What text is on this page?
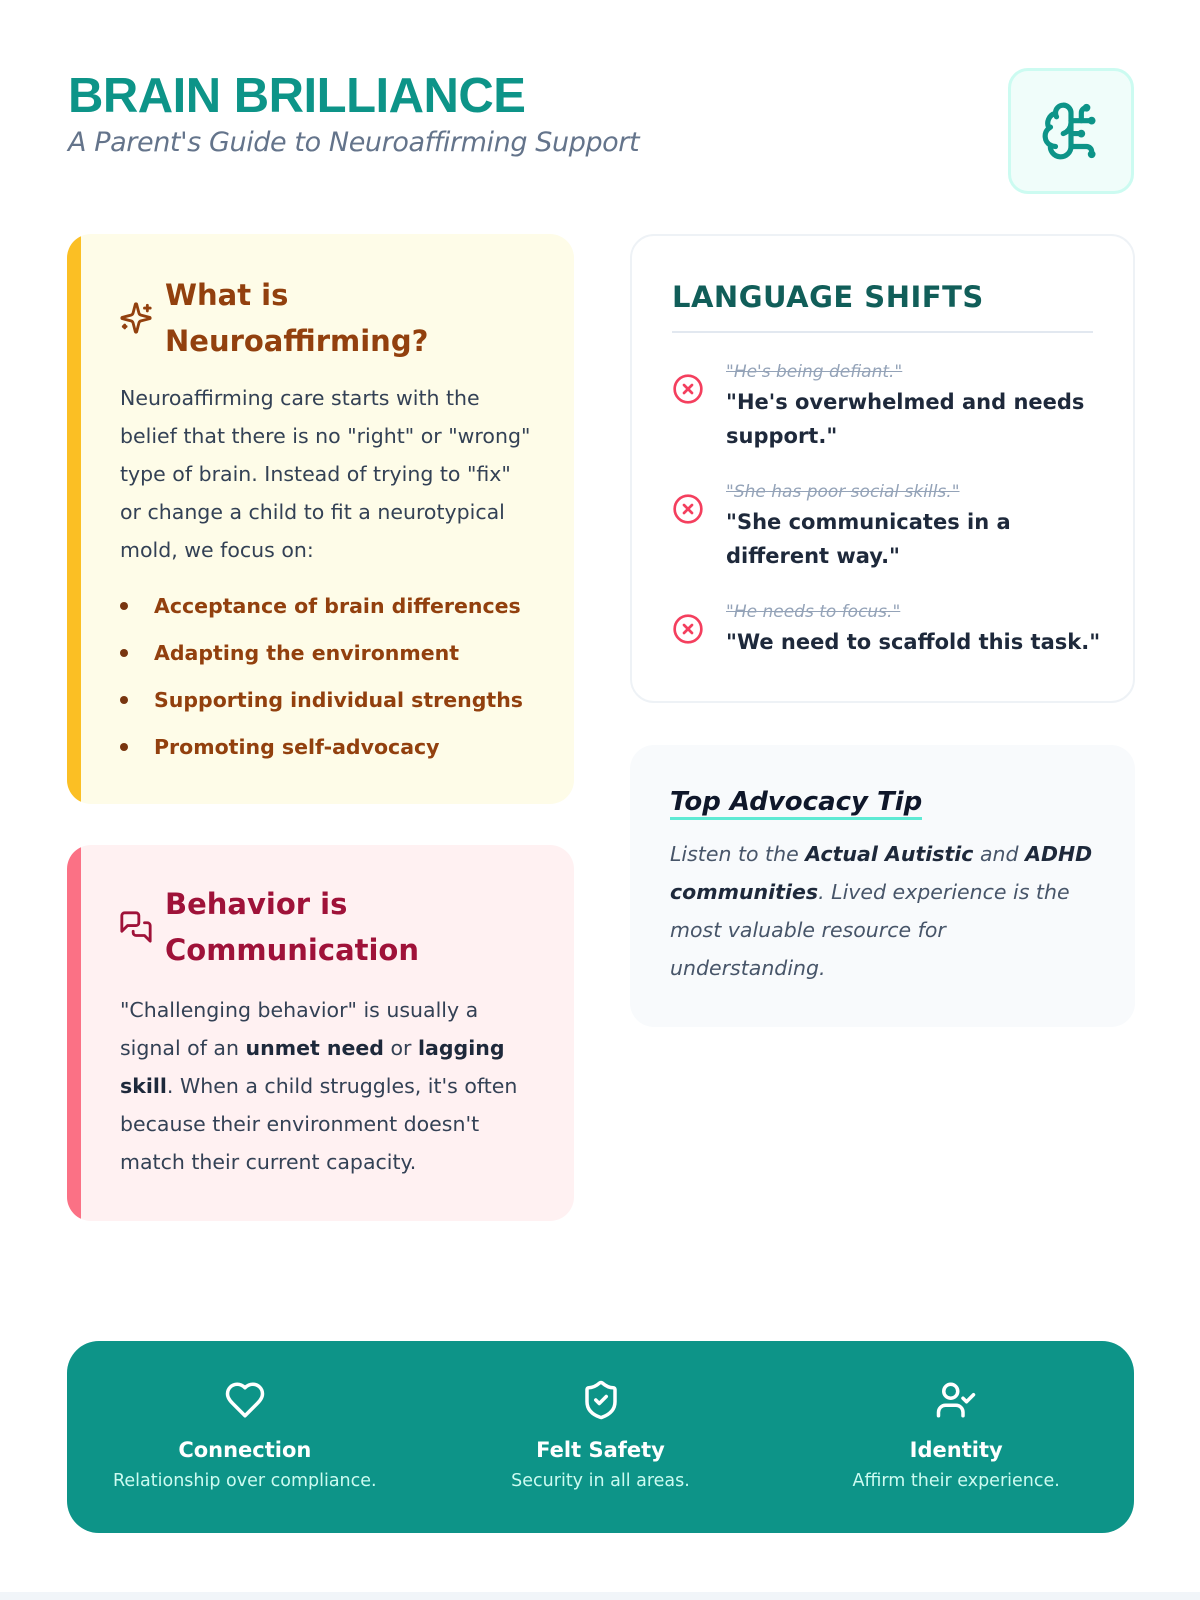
BRAIN BRILLIANCE
A Parent's Guide to Neuroaffirming Support
What is
Neuroaffirming?

Neuroaffirming care starts with the belief that there is no "right" or "wrong" type of brain. Instead of trying to "fix" or change a child to fit a neurotypical mold, we focus on:

Acceptance of brain differences
Adapting the environment
Supporting individual strengths
Promoting self-advocacy
Behavior is
Communication

"Challenging behavior" is usually a signal of an unmet need or lagging skill. When a child struggles, it's often because their environment doesn't match their current capacity.

LANGUAGE SHIFTS
"He's being defiant."
"He's overwhelmed and needs support."
"She has poor social skills."
"She communicates in a different way."
"He needs to focus."
"We need to scaffold this task."
Top Advocacy Tip

Listen to the Actual Autistic and ADHD communities. Lived experience is the most valuable resource for understanding.

Connection
Relationship over compliance.
Felt Safety
Security in all areas.
Identity
Affirm their experience.
